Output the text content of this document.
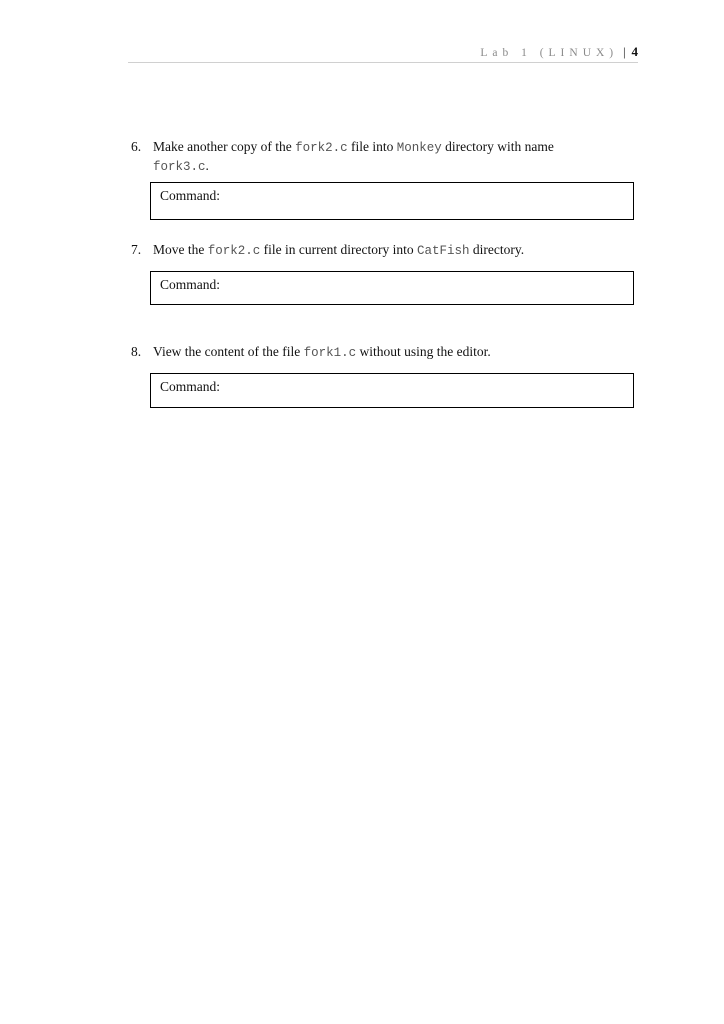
Lab 1 (LINUX) | 4
6. Make another copy of the fork2.c file into Monkey directory with name
fork3.c.
Command:
7. Move the fork2.c file in current directory into CatFish directory.
Command:
8. View the content of the file fork1.c without using the editor.
Command:
